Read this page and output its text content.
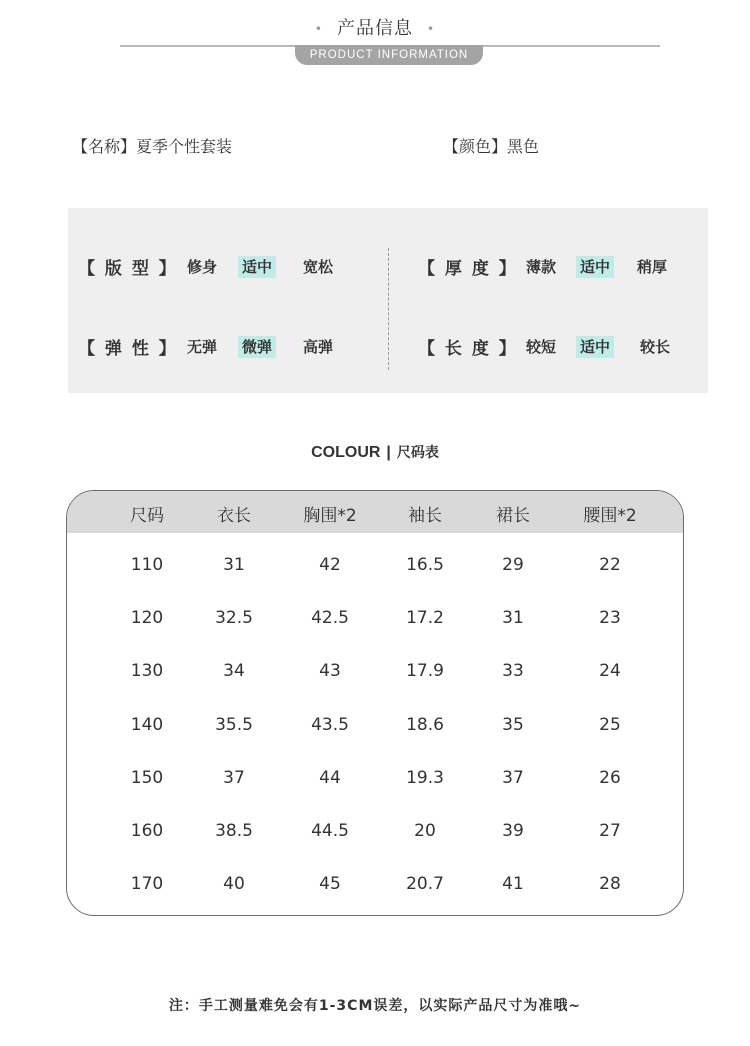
• 产品信息 •
PRODUCT INFORMATION
【名称】夏季个性套装	【颜色】黑色
【 版 型 】 修身 适中 宽松
【 弹 性 】 无弹 微弹 高弹
【 厚 度 】 薄款 适中 稍厚
【 长 度 】 较短 适中 较长
COLOUR | 尺码表
尺码	衣长	胸围*2	袖长	裙长	腰围*2
110	31	42	16.5	29	22
120	32.5	42.5	17.2	31	23
130	34	43	17.9	33	24
140	35.5	43.5	18.6	35	25
150	37	44	19.3	37	26
160	38.5	44.5	20	39	27
170	40	45	20.7	41	28
注：手工测量难免会有1-3CM误差，以实际产品尺寸为准哦~
